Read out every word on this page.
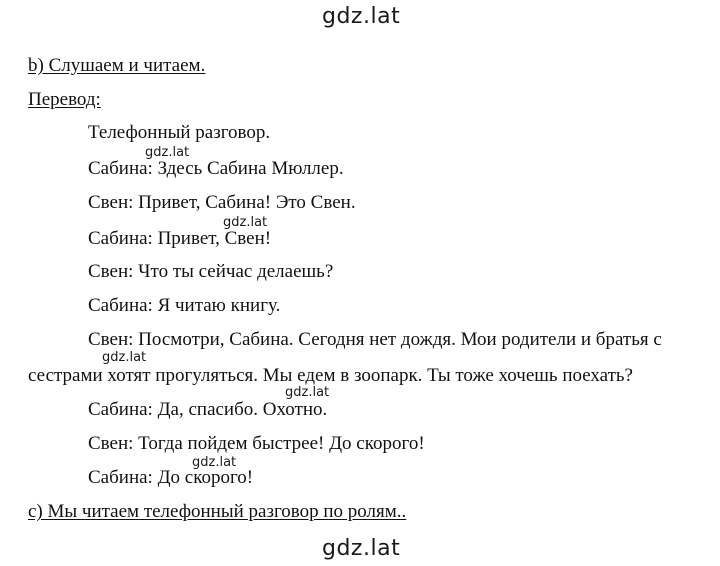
gdz.lat
b) Слушаем и читаем.
Перевод:
Телефонный разговор.
Сабина: Здесь Сабина Мюллер.
Свен: Привет, Сабина! Это Свен.
Сабина: Привет, Свен!
Свен: Что ты сейчас делаешь?
Сабина: Я читаю книгу.
Свен: Посмотри, Сабина. Сегодня нет дождя. Мои родители и братья с
сестрами хотят прогуляться. Мы едем в зоопарк. Ты тоже хочешь поехать?
Сабина: Да, спасибо. Охотно.
Свен: Тогда пойдем быстрее! До скорого!
Сабина: До скорого!
c) Мы читаем телефонный разговор по ролям..
gdz.lat
gdz.lat
gdz.lat
gdz.lat
gdz.lat
gdz.lat
